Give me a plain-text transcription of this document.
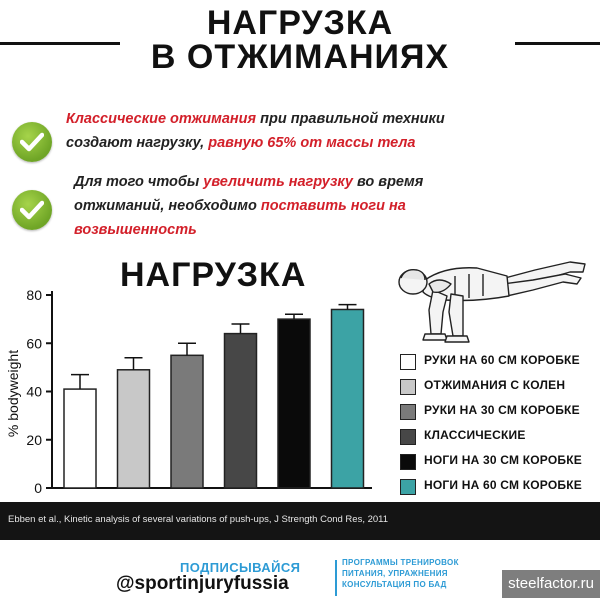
НАГРУЗКА
В ОТЖИМАНИЯХ
Классические отжимания при правильной техники создают нагрузку, равную 65% от массы тела
Для того чтобы увеличить нагрузку во время отжиманий, необходимо поставить ноги на возвышенность
НАГРУЗКА
0
20
40
60
80
% bodyweight	РУКИ НА 60 СМ КОРОБКЕ
ОТЖИМАНИЯ С КОЛЕН
РУКИ НА 30 СМ КОРОБКЕ
КЛАССИЧЕСКИЕ
НОГИ НА 30 СМ КОРОБКЕ
НОГИ НА 60 СМ КОРОБКЕ
Ebben et al., Kinetic analysis of several variations of push-ups, J Strength Cond Res, 2011
ПОДПИСЫВАЙСЯ
@sportinjuryfussia
ПРОГРАММЫ ТРЕНИРОВОК
ПИТАНИЯ, УПРАЖНЕНИЯ
КОНСУЛЬТАЦИЯ ПО БАД	steelfactor.ru
